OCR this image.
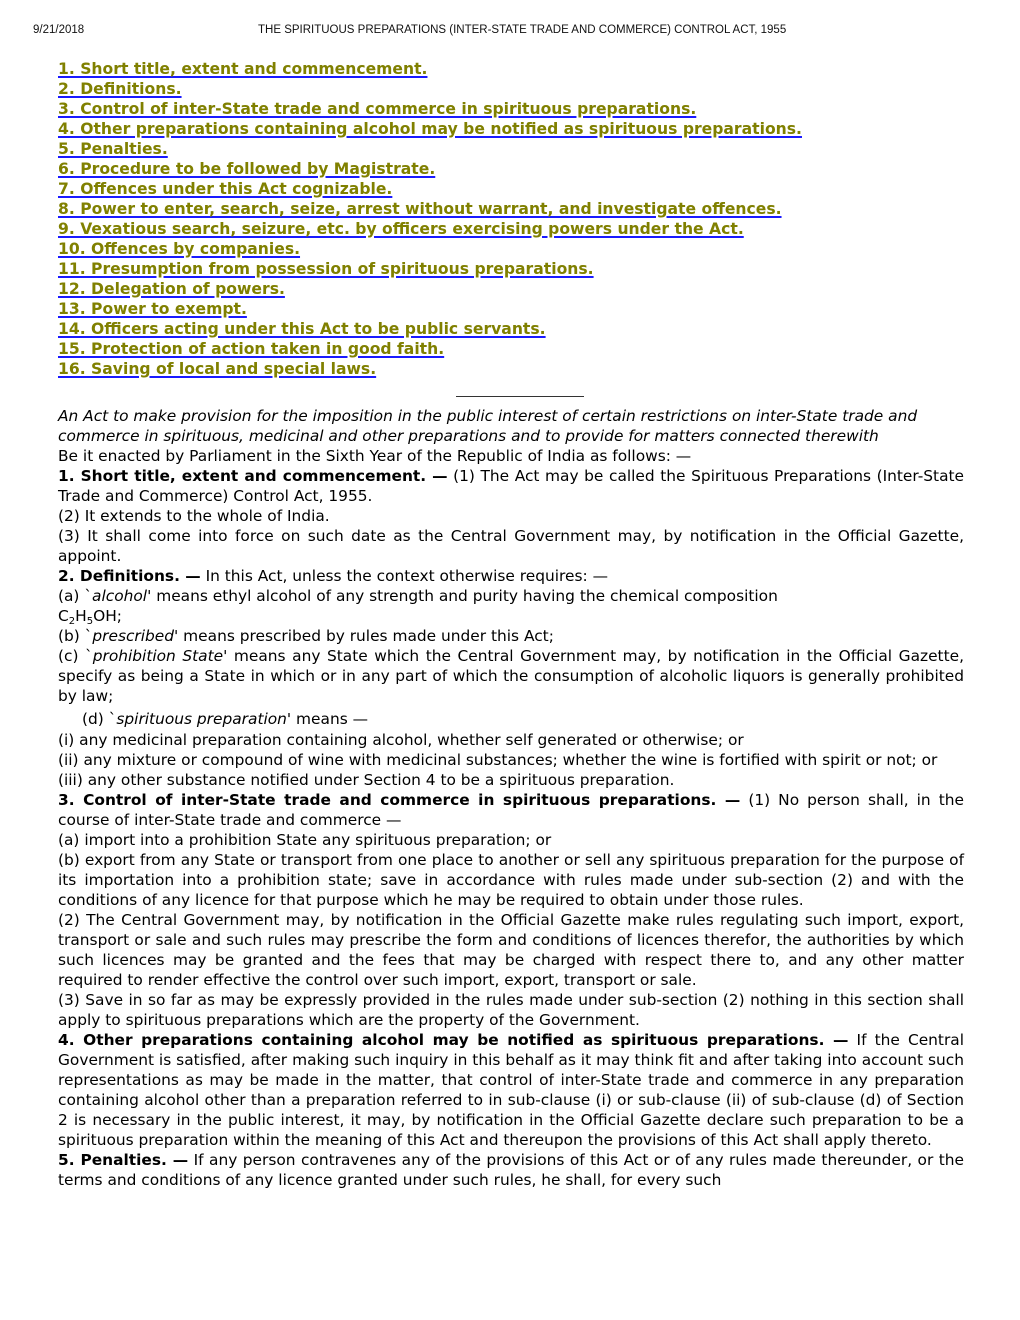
9/21/2018	THE SPIRITUOUS PREPARATIONS (INTER-STATE TRADE AND COMMERCE) CONTROL ACT, 1955
1. Short title, extent and commencement.
2. Definitions.
3. Control of inter-State trade and commerce in spirituous preparations.
4. Other preparations containing alcohol may be notified as spirituous preparations.
5. Penalties.
6. Procedure to be followed by Magistrate.
7. Offences under this Act cognizable.
8. Power to enter, search, seize, arrest without warrant, and investigate offences.
9. Vexatious search, seizure, etc. by officers exercising powers under the Act.
10. Offences by companies.
11. Presumption from possession of spirituous preparations.
12. Delegation of powers.
13. Power to exempt.
14. Officers acting under this Act to be public servants.
15. Protection of action taken in good faith.
16. Saving of local and special laws.

An Act to make provision for the imposition in the public interest of certain restrictions on inter-State trade and commerce in spirituous, medicinal and other preparations and to provide for matters connected therewith

Be it enacted by Parliament in the Sixth Year of the Republic of India as follows: —

1. Short title, extent and commencement. — (1) The Act may be called the Spirituous Preparations (Inter-State Trade and Commerce) Control Act, 1955.

(2) It extends to the whole of India.

(3) It shall come into force on such date as the Central Government may, by notification in the Official Gazette, appoint.

2. Definitions. — In this Act, unless the context otherwise requires: —

(a) `alcohol' means ethyl alcohol of any strength and purity having the chemical composition

$C_2H_5OH$;

(b) `prescribed' means prescribed by rules made under this Act;

(c) `prohibition State' means any State which the Central Government may, by notification in the Official Gazette, specify as being a State in which or in any part of which the consumption of alcoholic liquors is generally prohibited by law;

(d) `spirituous preparation' means —

(i) any medicinal preparation containing alcohol, whether self generated or otherwise; or

(ii) any mixture or compound of wine with medicinal substances; whether the wine is fortified with spirit or not; or

(iii) any other substance notified under Section 4 to be a spirituous preparation.

3. Control of inter-State trade and commerce in spirituous preparations. — (1) No person shall, in the course of inter-State trade and commerce —

(a) import into a prohibition State any spirituous preparation; or

(b) export from any State or transport from one place to another or sell any spirituous preparation for the purpose of its importation into a prohibition state; save in accordance with rules made under sub-section (2) and with the conditions of any licence for that purpose which he may be required to obtain under those rules.

(2) The Central Government may, by notification in the Official Gazette make rules regulating such import, export, transport or sale and such rules may prescribe the form and conditions of licences therefor, the authorities by which such licences may be granted and the fees that may be charged with respect there to, and any other matter required to render effective the control over such import, export, transport or sale.

(3) Save in so far as may be expressly provided in the rules made under sub-section (2) nothing in this section shall apply to spirituous preparations which are the property of the Government.

4. Other preparations containing alcohol may be notified as spirituous preparations. — If the Central Government is satisfied, after making such inquiry in this behalf as it may think fit and after taking into account such representations as may be made in the matter, that control of inter-State trade and commerce in any preparation containing alcohol other than a preparation referred to in sub-clause (i) or sub-clause (ii) of sub-clause (d) of Section 2 is necessary in the public interest, it may, by notification in the Official Gazette declare such preparation to be a spirituous preparation within the meaning of this Act and thereupon the provisions of this Act shall apply thereto.

5. Penalties. — If any person contravenes any of the provisions of this Act or of any rules made thereunder, or the terms and conditions of any licence granted under such rules, he shall, for every such
